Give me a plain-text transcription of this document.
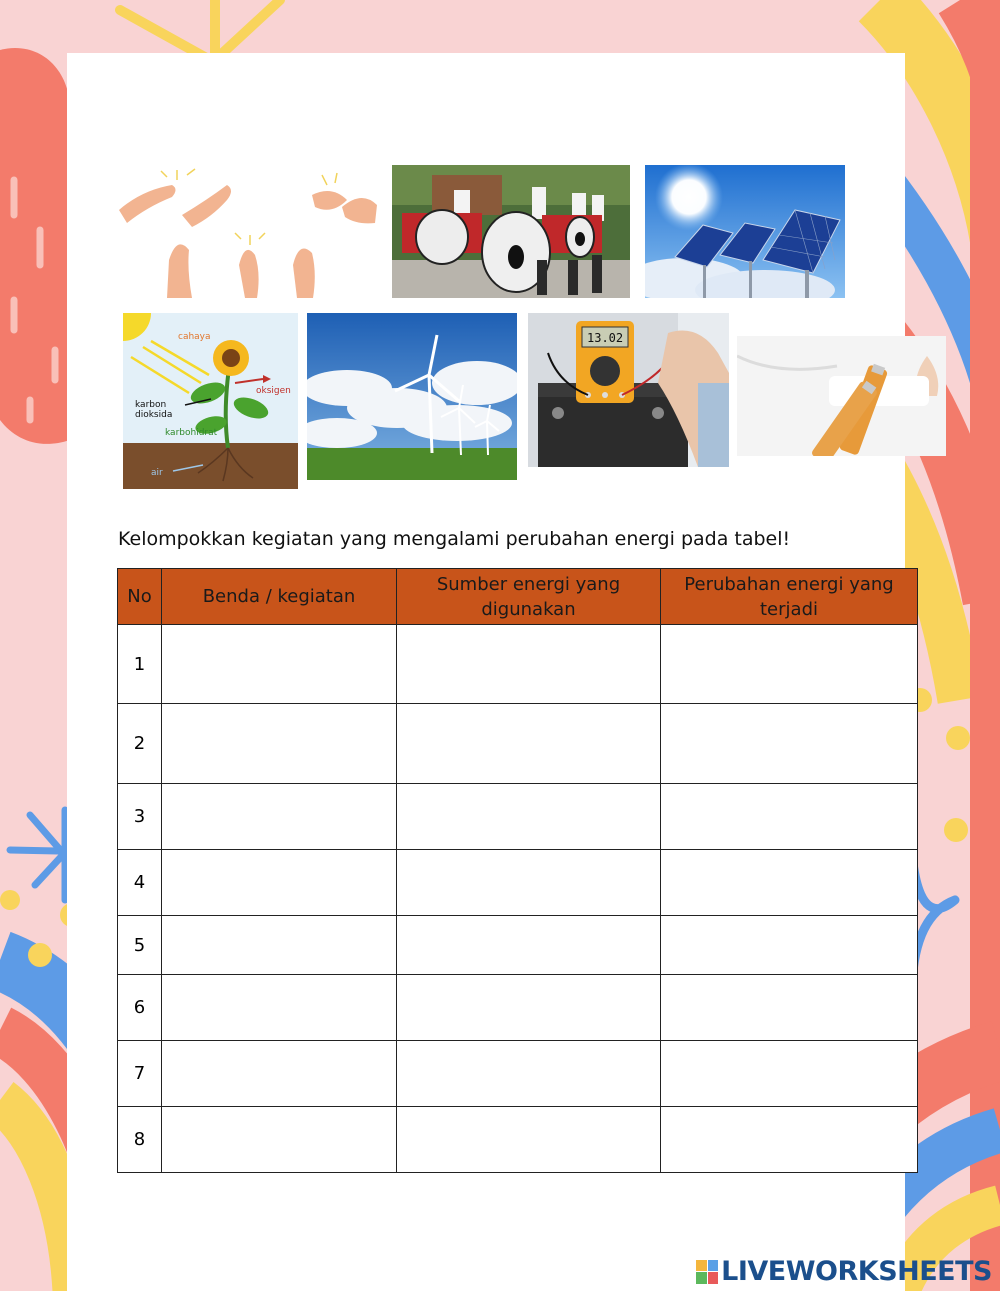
cahaya
oksigen
karbon
dioksida
karbohidrat
air
13.02
Kelompokkan kegiatan yang mengalami perubahan energi pada tabel!
No	Benda / kegiatan	Sumber energi yang digunakan	Perubahan energi yang terjadi
1			
2			
3			
4			
5			
6			
7			
8			
LIVEWORKSHEETS
